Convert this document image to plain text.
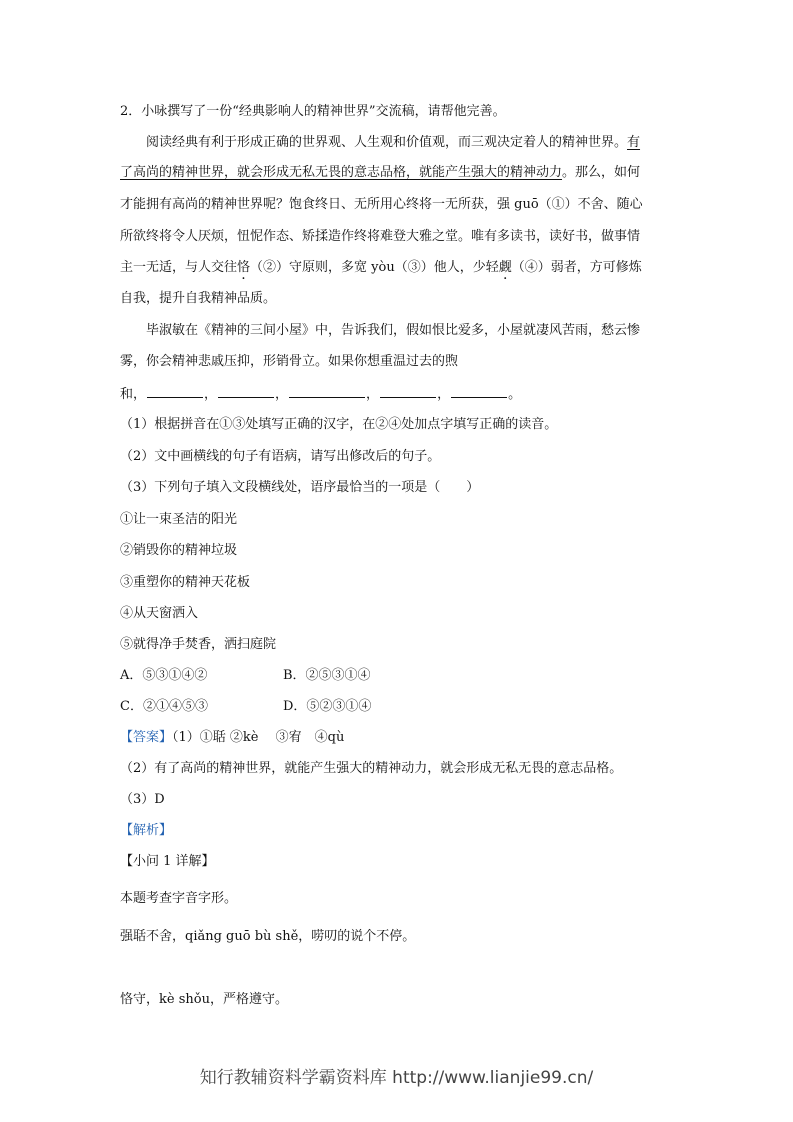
2．小咏撰写了一份“经典影响人的精神世界”交流稿，请帮他完善。
阅读经典有利于形成正确的世界观、人生观和价值观，而三观决定着人的精神世界。有
了高尚的精神世界，就会形成无私无畏的意志品格，就能产生强大的精神动力。那么，如何
才能拥有高尚的精神世界呢？饱食终日、无所用心终将一无所获，强 guō（①）不舍、随心
所欲终将令人厌烦，忸怩作态、矫揉造作终将难登大雅之堂。唯有多读书，读好书，做事情
主一无适，与人交往恪（②）守原则，多宽 yòu（③）他人，少轻觑（④）弱者，方可修炼
自我，提升自我精神品质。
毕淑敏在《精神的三间小屋》中，告诉我们，假如恨比爱多，小屋就凄风苦雨，愁云惨
雾，你会精神悲戚压抑，形销骨立。如果你想重温过去的煦
和，	，	，	，	，	。
（1）根据拼音在①③处填写正确的汉字，在②④处加点字填写正确的读音。
（2）文中画横线的句子有语病，请写出修改后的句子。
（3）下列句子填入文段横线处，语序最恰当的一项是（　　）
①让一束圣洁的阳光
②销毁你的精神垃圾
③重塑你的精神天花板
④从天窗洒入
⑤就得净手焚香，洒扫庭院
A．⑤③①④②	B．②⑤③①④
C．②①④⑤③	D．⑤②③①④
【答案】（1）①聒 ②kè　 ③宥　④qù
（2）有了高尚的精神世界，就能产生强大的精神动力，就会形成无私无畏的意志品格。
（3）D
【解析】
【小问 1 详解】
本题考查字音字形。
强聒不舍，qiǎng guō bù shě，唠叨的说个不停。
恪守，kè shǒu，严格遵守。
知行教辅资料学霸资料库 http://www.lianjie99.cn/
